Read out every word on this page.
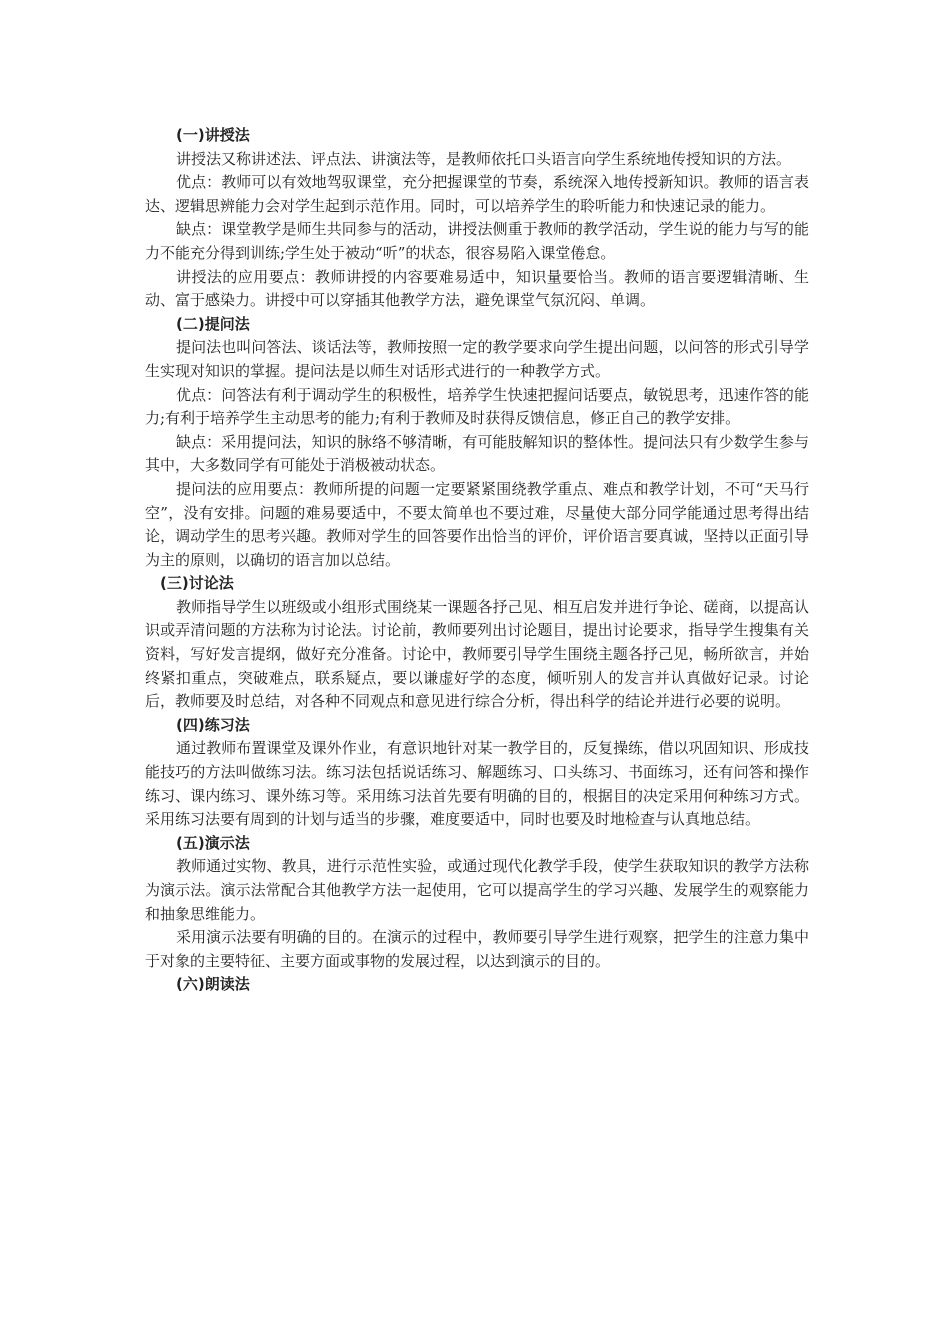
(一)讲授法

讲授法又称讲述法、评点法、讲演法等，是教师依托口头语言向学生系统地传授知识的方法。

优点：教师可以有效地驾驭课堂，充分把握课堂的节奏，系统深入地传授新知识。教师的语言表达、逻辑思辨能力会对学生起到示范作用。同时，可以培养学生的聆听能力和快速记录的能力。

缺点：课堂教学是师生共同参与的活动，讲授法侧重于教师的教学活动，学生说的能力与写的能力不能充分得到训练;学生处于被动“听”的状态，很容易陷入课堂倦怠。

讲授法的应用要点：教师讲授的内容要难易适中，知识量要恰当。教师的语言要逻辑清晰、生动、富于感染力。讲授中可以穿插其他教学方法，避免课堂气氛沉闷、单调。

(二)提问法

提问法也叫问答法、谈话法等，教师按照一定的教学要求向学生提出问题，以问答的形式引导学生实现对知识的掌握。提问法是以师生对话形式进行的一种教学方式。

优点：问答法有利于调动学生的积极性，培养学生快速把握问话要点，敏锐思考，迅速作答的能力;有利于培养学生主动思考的能力;有利于教师及时获得反馈信息，修正自己的教学安排。

缺点：采用提问法，知识的脉络不够清晰，有可能肢解知识的整体性。提问法只有少数学生参与其中，大多数同学有可能处于消极被动状态。

提问法的应用要点：教师所提的问题一定要紧紧围绕教学重点、难点和教学计划，不可“天马行空”，没有安排。问题的难易要适中，不要太简单也不要过难，尽量使大部分同学能通过思考得出结论，调动学生的思考兴趣。教师对学生的回答要作出恰当的评价，评价语言要真诚，坚持以正面引导为主的原则，以确切的语言加以总结。

(三)讨论法

教师指导学生以班级或小组形式围绕某一课题各抒己见、相互启发并进行争论、磋商，以提高认识或弄清问题的方法称为讨论法。讨论前，教师要列出讨论题目，提出讨论要求，指导学生搜集有关资料，写好发言提纲，做好充分准备。讨论中，教师要引导学生围绕主题各抒己见，畅所欲言，并始终紧扣重点，突破难点，联系疑点，要以谦虚好学的态度，倾听别人的发言并认真做好记录。讨论后，教师要及时总结，对各种不同观点和意见进行综合分析，得出科学的结论并进行必要的说明。

(四)练习法

通过教师布置课堂及课外作业，有意识地针对某一教学目的，反复操练，借以巩固知识、形成技能技巧的方法叫做练习法。练习法包括说话练习、解题练习、口头练习、书面练习，还有问答和操作练习、课内练习、课外练习等。采用练习法首先要有明确的目的，根据目的决定采用何种练习方式。采用练习法要有周到的计划与适当的步骤，难度要适中，同时也要及时地检查与认真地总结。

(五)演示法

教师通过实物、教具，进行示范性实验，或通过现代化教学手段，使学生获取知识的教学方法称为演示法。演示法常配合其他教学方法一起使用，它可以提高学生的学习兴趣、发展学生的观察能力和抽象思维能力。

采用演示法要有明确的目的。在演示的过程中，教师要引导学生进行观察，把学生的注意力集中于对象的主要特征、主要方面或事物的发展过程，以达到演示的目的。

(六)朗读法
